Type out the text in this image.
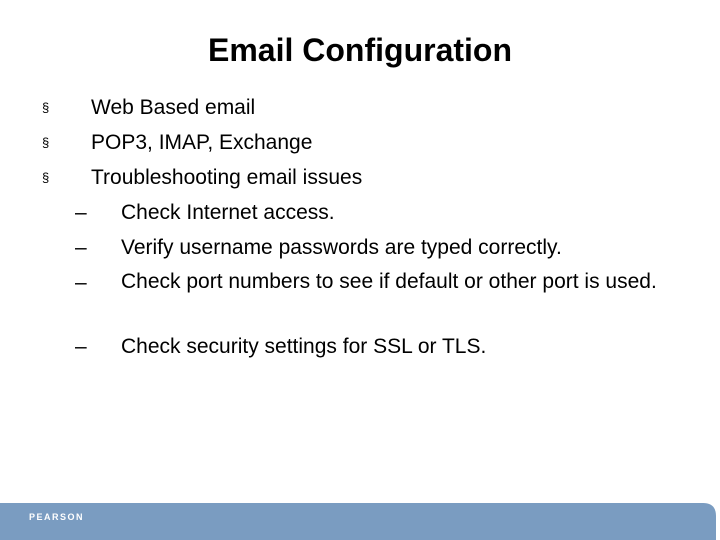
Email Configuration
§ Web Based email
§ POP3, IMAP, Exchange
§ Troubleshooting email issues
–	Check Internet access.
–	Verify username passwords are typed correctly.
–	Check port numbers to see if default or other port is used.
–	Check security settings for SSL or TLS.
PEARSON
